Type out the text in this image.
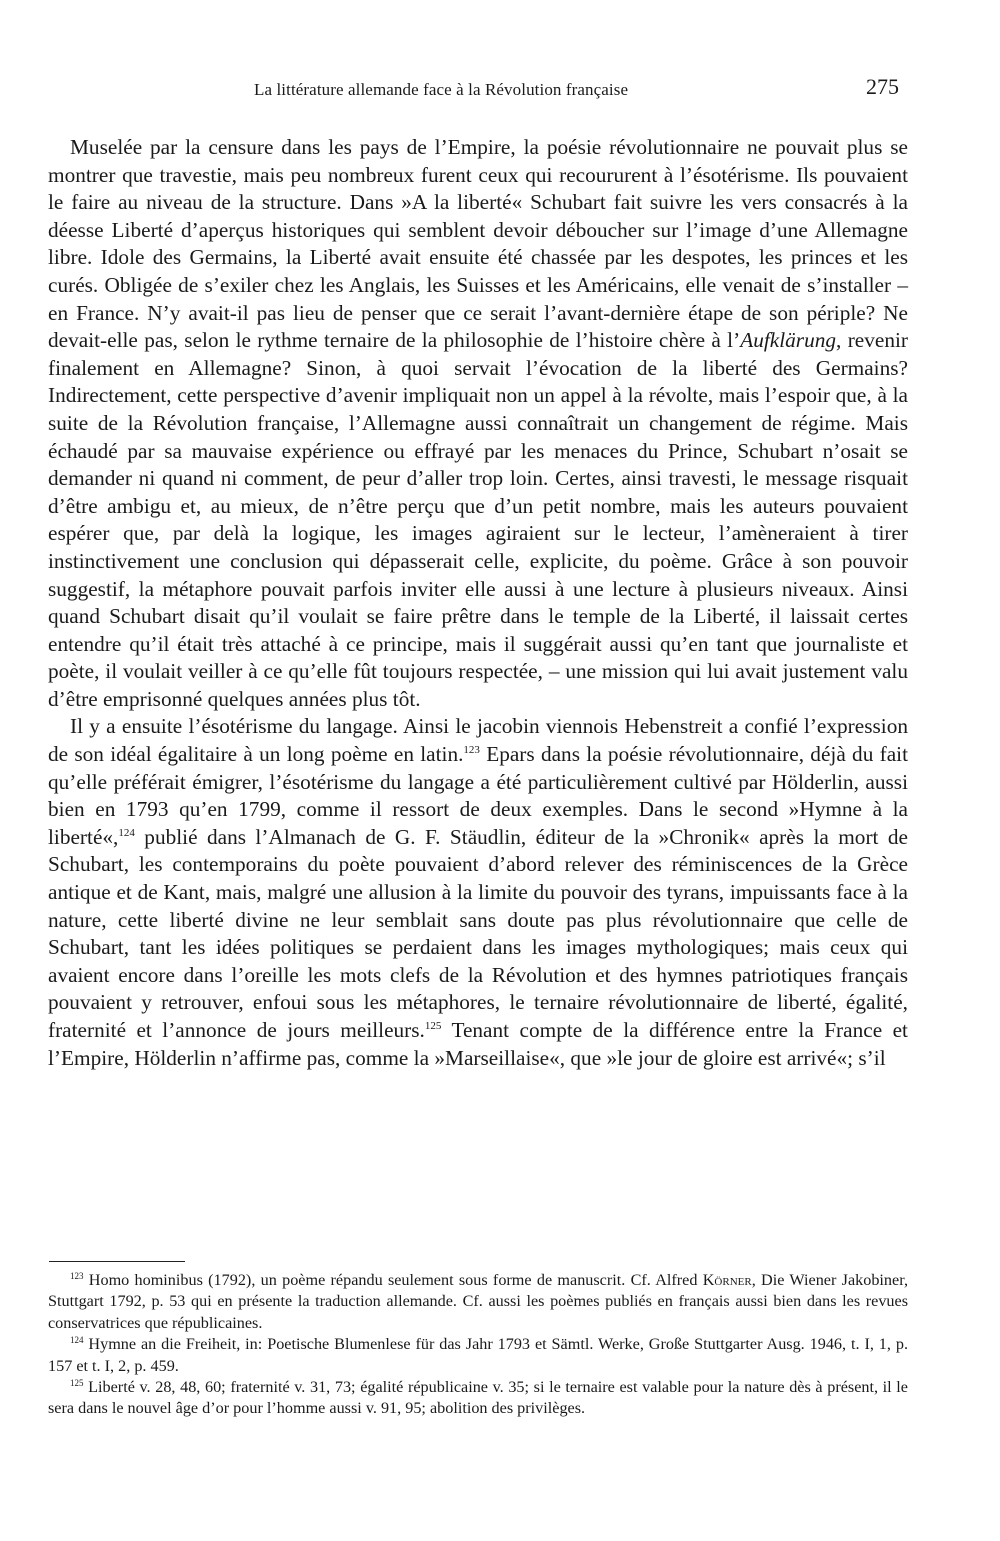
La littérature allemande face à la Révolution française	275

Muselée par la censure dans les pays de l’Empire, la poésie révolutionnaire ne pouvait plus se montrer que travestie, mais peu nombreux furent ceux qui recoururent à l’ésotérisme. Ils pouvaient le faire au niveau de la structure. Dans »A la liberté« Schubart fait suivre les vers consacrés à la déesse Liberté d’aperçus historiques qui semblent devoir déboucher sur l’image d’une Allemagne libre. Idole des Germains, la Liberté avait ensuite été chassée par les despotes, les princes et les curés. Obligée de s’exiler chez les Anglais, les Suisses et les Américains, elle venait de s’installer – en France. N’y avait-il pas lieu de penser que ce serait l’avant-dernière étape de son périple? Ne devait-elle pas, selon le rythme ternaire de la philosophie de l’histoire chère à l’Aufklärung, revenir finalement en Allemagne? Sinon, à quoi servait l’évocation de la liberté des Germains? Indirectement, cette perspective d’avenir impliquait non un appel à la révolte, mais l’espoir que, à la suite de la Révolution française, l’Allemagne aussi connaîtrait un changement de régime. Mais échaudé par sa mauvaise expérience ou effrayé par les menaces du Prince, Schubart n’osait se demander ni quand ni comment, de peur d’aller trop loin. Certes, ainsi travesti, le message risquait d’être ambigu et, au mieux, de n’être perçu que d’un petit nombre, mais les auteurs pouvaient espérer que, par delà la logique, les images agiraient sur le lecteur, l’amèneraient à tirer instinctivement une conclusion qui dépasserait celle, explicite, du poème. Grâce à son pouvoir suggestif, la métaphore pouvait parfois inviter elle aussi à une lecture à plusieurs niveaux. Ainsi quand Schubart disait qu’il voulait se faire prêtre dans le temple de la Liberté, il laissait certes entendre qu’il était très attaché à ce principe, mais il suggérait aussi qu’en tant que journaliste et poète, il voulait veiller à ce qu’elle fût toujours respectée, – une mission qui lui avait justement valu d’être emprisonné quelques années plus tôt.

Il y a ensuite l’ésotérisme du langage. Ainsi le jacobin viennois Hebenstreit a confié l’expression de son idéal égalitaire à un long poème en latin.$^{123}$ Epars dans la poésie révolutionnaire, déjà du fait qu’elle préférait émigrer, l’ésotérisme du langage a été particulièrement cultivé par Hölderlin, aussi bien en 1793 qu’en 1799, comme il ressort de deux exemples. Dans le second »Hymne à la liberté«,$^{124}$ publié dans l’Almanach de G. F. Stäudlin, éditeur de la »Chronik« après la mort de Schubart, les contemporains du poète pouvaient d’abord relever des réminiscences de la Grèce antique et de Kant, mais, malgré une allusion à la limite du pouvoir des tyrans, impuissants face à la nature, cette liberté divine ne leur semblait sans doute pas plus révolutionnaire que celle de Schubart, tant les idées politiques se perdaient dans les images mythologiques; mais ceux qui avaient encore dans l’oreille les mots clefs de la Révolution et des hymnes patriotiques français pouvaient y retrouver, enfoui sous les métaphores, le ternaire révolutionnaire de liberté, égalité, fraternité et l’annonce de jours meilleurs.$^{125}$ Tenant compte de la différence entre la France et l’Empire, Hölderlin n’affirme pas, comme la »Marseillaise«, que »le jour de gloire est arrivé«; s’il

$^{123}$ Homo hominibus (1792), un poème répandu seulement sous forme de manuscrit. Cf. Alfred Körner, Die Wiener Jakobiner, Stuttgart 1792, p. 53 qui en présente la traduction allemande. Cf. aussi les poèmes publiés en français aussi bien dans les revues conservatrices que républicaines.

$^{124}$ Hymne an die Freiheit, in: Poetische Blumenlese für das Jahr 1793 et Sämtl. Werke, Große Stuttgarter Ausg. 1946, t. I, 1, p. 157 et t. I, 2, p. 459.

$^{125}$ Liberté v. 28, 48, 60; fraternité v. 31, 73; égalité républicaine v. 35; si le ternaire est valable pour la nature dès à présent, il le sera dans le nouvel âge d’or pour l’homme aussi v. 91, 95; abolition des privilèges.
